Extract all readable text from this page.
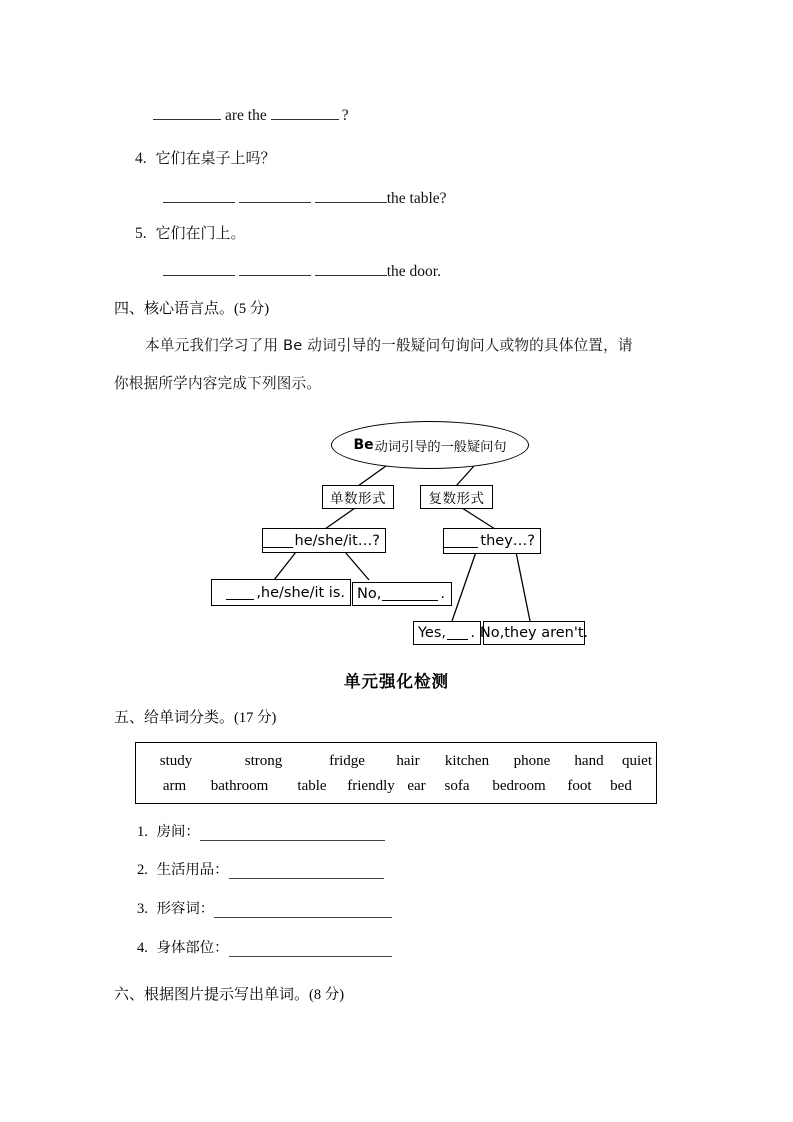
are the	?
4. 它们在桌子上吗？
the table?
5. 它们在门上。
the door.
四、核心语言点。(5 分)
本单元我们学习了用 Be 动词引导的一般疑问句询问人或物的具体位置，请
你根据所学内容完成下列图示。
Be 动词引导的一般疑问句
单数形式	复数形式
he/she/it…?	they…?
,he/she/it is. No,	.
Yes, . No,they aren't.
单元强化检测
五、给单词分类。(17 分)
study	strong	fridge hair kitchen phone hand quiet
arm bathroom table friendly ear sofa bedroom foot bed
1. 房间：
2. 生活用品：
3. 形容词：
4. 身体部位：
六、根据图片提示写出单词。(8 分)
